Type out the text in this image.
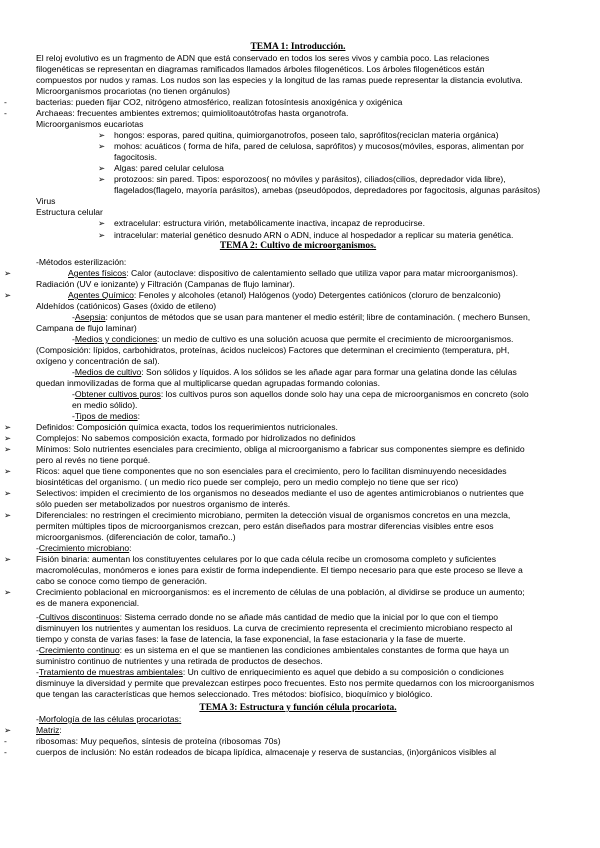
TEMA 1: Introducción.
El reloj evolutivo es un fragmento de ADN que está conservado en todos los seres vivos y cambia poco. Las relaciones
filogenéticas se representan en diagramas ramificados llamados árboles filogenéticos. Los árboles filogenéticos están
compuestos por nudos y ramas. Los nudos son las especies y la longitud de las ramas puede representar la distancia evolutiva.
Microorganismos procariotas (no tienen orgánulos)
-	bacterias: pueden fijar CO2, nitrógeno atmosférico, realizan fotosíntesis anoxigénica y oxigénica
-	Archaeas: frecuentes ambientes extremos; quimiolitoautótrofas hasta organotrofa.
Microorganismos eucariotas
➢ hongos: esporas, pared quitina, quimiorganotrofos, poseen talo, saprófitos(reciclan materia orgánica)
➢ mohos: acuáticos ( forma de hifa, pared de celulosa, saprófitos) y mucosos(móviles, esporas, alimentan por
fagocitosis.
➢ Algas: pared celular celulosa
➢ protozoos: sin pared. Tipos: esporozoos( no móviles y parásitos), ciliados(cilios, depredador vida libre),
flagelados(flagelo, mayoría parásitos), amebas (pseudópodos, depredadores por fagocitosis, algunas parásitos)
Virus
Estructura celular
➢ extracelular: estructura virión, metabólicamente inactiva, incapaz de reproducirse.
➢ intracelular: material genético desnudo ARN o ADN, induce al hospedador a replicar su materia genética.
TEMA 2: Cultivo de microorganismos.
-Métodos esterilización:
➢	Agentes físicos: Calor (autoclave: dispositivo de calentamiento sellado que utiliza vapor para matar microorganismos).
Radiación (UV e ionizante) y Filtración (Campanas de flujo laminar).
➢	Agentes Químico: Fenoles y alcoholes (etanol) Halógenos (yodo) Detergentes catiónicos (cloruro de benzalconio)
Aldehídos (catiónicos) Gases (óxido de etileno)
-Asepsia: conjuntos de métodos que se usan para mantener el medio estéril; libre de contaminación. ( mechero Bunsen,
Campana de flujo laminar)
-Medios y condiciones: un medio de cultivo es una solución acuosa que permite el crecimiento de microorganismos.
(Composición: lípidos, carbohidratos, proteínas, ácidos nucleicos) Factores que determinan el crecimiento (temperatura, pH,
oxígeno y concentración de sal).
-Medios de cultivo: Son sólidos y líquidos. A los sólidos se les añade agar para formar una gelatina donde las células
quedan inmovilizadas de forma que al multiplicarse quedan agrupadas formando colonias.
-Obtener cultivos puros: los cultivos puros son aquellos donde solo hay una cepa de microorganismos en concreto (solo
en medio sólido).
-Tipos de medios:
➢	Definidos: Composición química exacta, todos los requerimientos nutricionales.
➢	Complejos: No sabemos composición exacta, formado por hidrolizados no definidos
➢	Mínimos: Solo nutrientes esenciales para crecimiento, obliga al microorganismo a fabricar sus componentes siempre es definido
pero al revés no tiene porqué.
➢	Ricos: aquel que tiene componentes que no son esenciales para el crecimiento, pero lo facilitan disminuyendo necesidades
biosintéticas del organismo. ( un medio rico puede ser complejo, pero un medio complejo no tiene que ser rico)
➢	Selectivos: impiden el crecimiento de los organismos no deseados mediante el uso de agentes antimicrobianos o nutrientes que
sólo pueden ser metabolizados por nuestros organismo de interés.
➢	Diferenciales: no restringen el crecimiento microbiano, permiten la detección visual de organismos concretos en una mezcla,
permiten múltiples tipos de microorganismos crezcan, pero están diseñados para mostrar diferencias visibles entre esos
microorganismos. (diferenciación de color, tamaño..)
-Crecimiento microbiano:
➢	Fisión binaria: aumentan los constituyentes celulares por lo que cada célula recibe un cromosoma completo y suficientes
macromoléculas, monómeros e iones para existir de forma independiente. El tiempo necesario para que este proceso se lleve a
cabo se conoce como tiempo de generación.
➢	Crecimiento poblacional en microorganismos: es el incremento de células de una población, al dividirse se produce un aumento;
es de manera exponencial.
-Cultivos discontinuos: Sistema cerrado donde no se añade más cantidad de medio que la inicial por lo que con el tiempo
disminuyen los nutrientes y aumentan los residuos. La curva de crecimiento representa el crecimiento microbiano respecto al
tiempo y consta de varias fases: la fase de latencia, la fase exponencial, la fase estacionaria y la fase de muerte.
-Crecimiento continuo: es un sistema en el que se mantienen las condiciones ambientales constantes de forma que haya un
suministro continuo de nutrientes y una retirada de productos de desechos.
-Tratamiento de muestras ambientales: Un cultivo de enriquecimiento es aquel que debido a su composición o condiciones
disminuye la diversidad y permite que prevalezcan estirpes poco frecuentes. Esto nos permite quedarnos con los microorganismos
que tengan las características que hemos seleccionado. Tres métodos: biofísico, bioquímico y biológico.
TEMA 3: Estructura y función célula procariota.
-Morfología de las células procariotas:
➢	Matriz:
-	ribosomas: Muy pequeños, síntesis de proteína (ribosomas 70s)
-	cuerpos de inclusión: No están rodeados de bicapa lipídica, almacenaje y reserva de sustancias, (in)orgánicos visibles al
